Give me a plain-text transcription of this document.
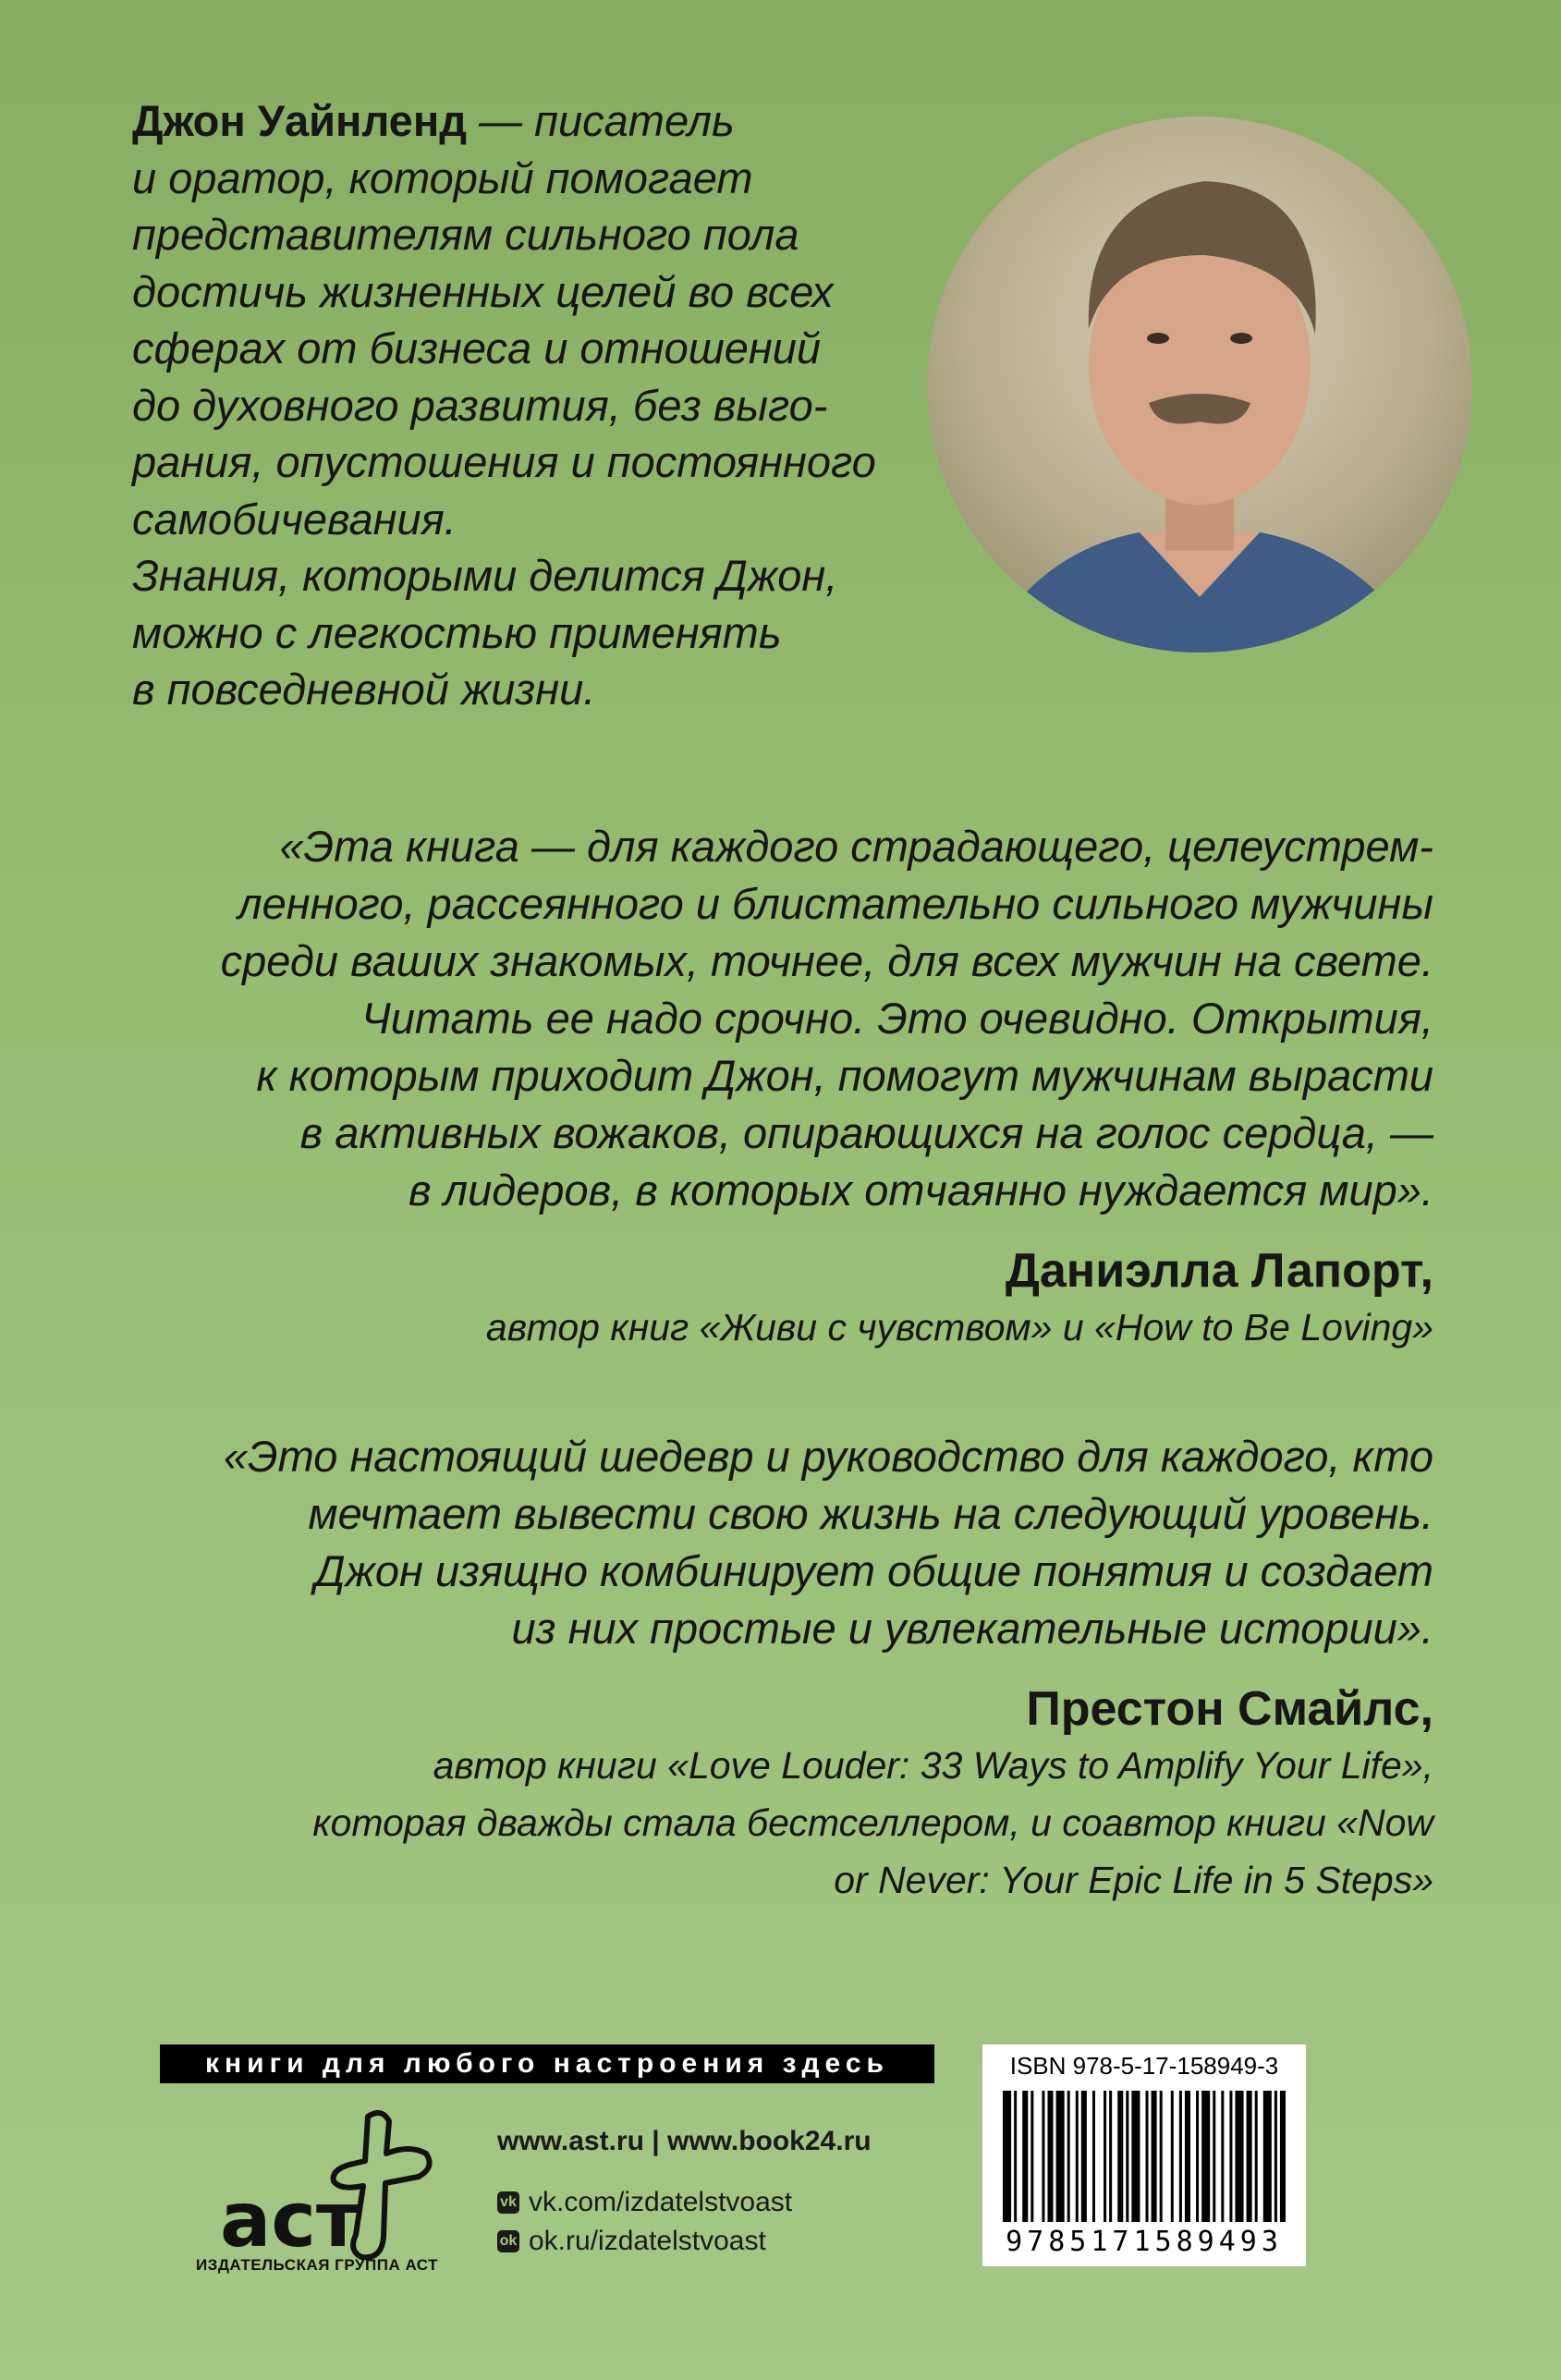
Джон Уайнленд — писатель
и оратор, который помогает
представителям сильного пола
достичь жизненных целей во всех
сферах от бизнеса и отношений
до духовного развития, без выго-
рания, опустошения и постоянного
самобичевания.
Знания, которыми делится Джон,
можно с легкостью применять
в повседневной жизни.
«Эта книга — для каждого страдающего, целеустрем-
ленного, рассеянного и блистательно сильного мужчины
среди ваших знакомых, точнее, для всех мужчин на свете.
Читать ее надо срочно. Это очевидно. Открытия,
к которым приходит Джон, помогут мужчинам вырасти
в активных вожаков, опирающихся на голос сердца, —
в лидеров, в которых отчаянно нуждается мир».
Даниэлла Лапорт,
автор книг «Живи с чувством» и «How to Be Loving»
«Это настоящий шедевр и руководство для каждого, кто
мечтает вывести свою жизнь на следующий уровень.
Джон изящно комбинирует общие понятия и создает
из них простые и увлекательные истории».
Престон Смайлс,
автор книги «Love Louder: 33 Ways to Amplify Your Life»,
которая дважды стала бестселлером, и соавтор книги «Now
or Never: Your Epic Life in 5 Steps»
книги для любого настроения здесь
аст
ИЗДАТЕЛЬСКАЯ ГРУППА АСТ
www.ast.ru | www.book24.ru
vk vk.com/izdatelstvoast
ok ok.ru/izdatelstvoast
ISBN 978-5-17-158949-3
9785171589493
